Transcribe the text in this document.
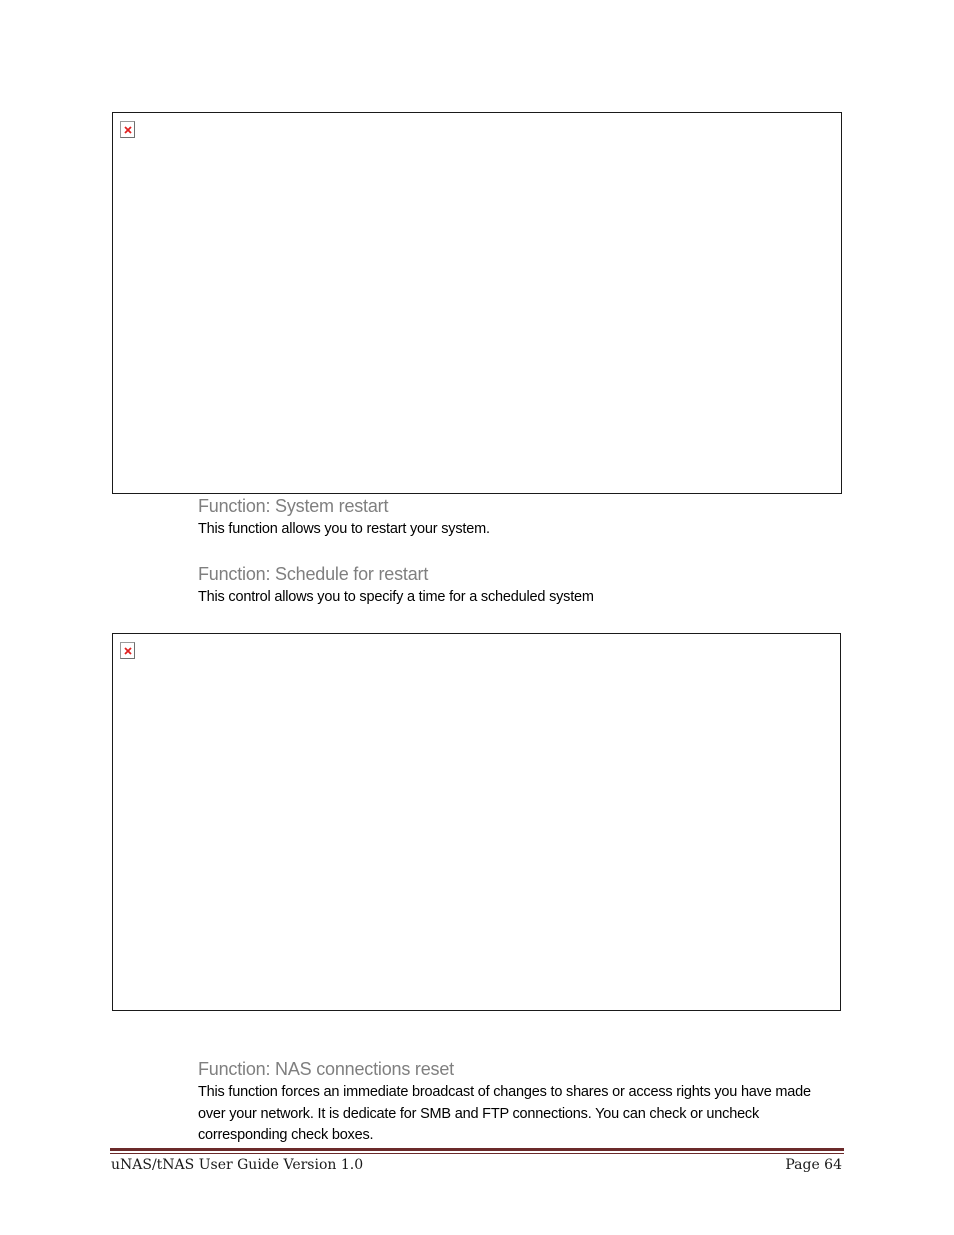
Function: System restart

This function allows you to restart your system.

Function: Schedule for restart

This control allows you to specify a time for a scheduled system

Function: NAS connections reset

This function forces an immediate broadcast of changes to shares or access rights you have made over your network. It is dedicate for SMB and FTP connections. You can check or uncheck corresponding check boxes.

uNAS/tNAS User Guide Version 1.0	Page 64
